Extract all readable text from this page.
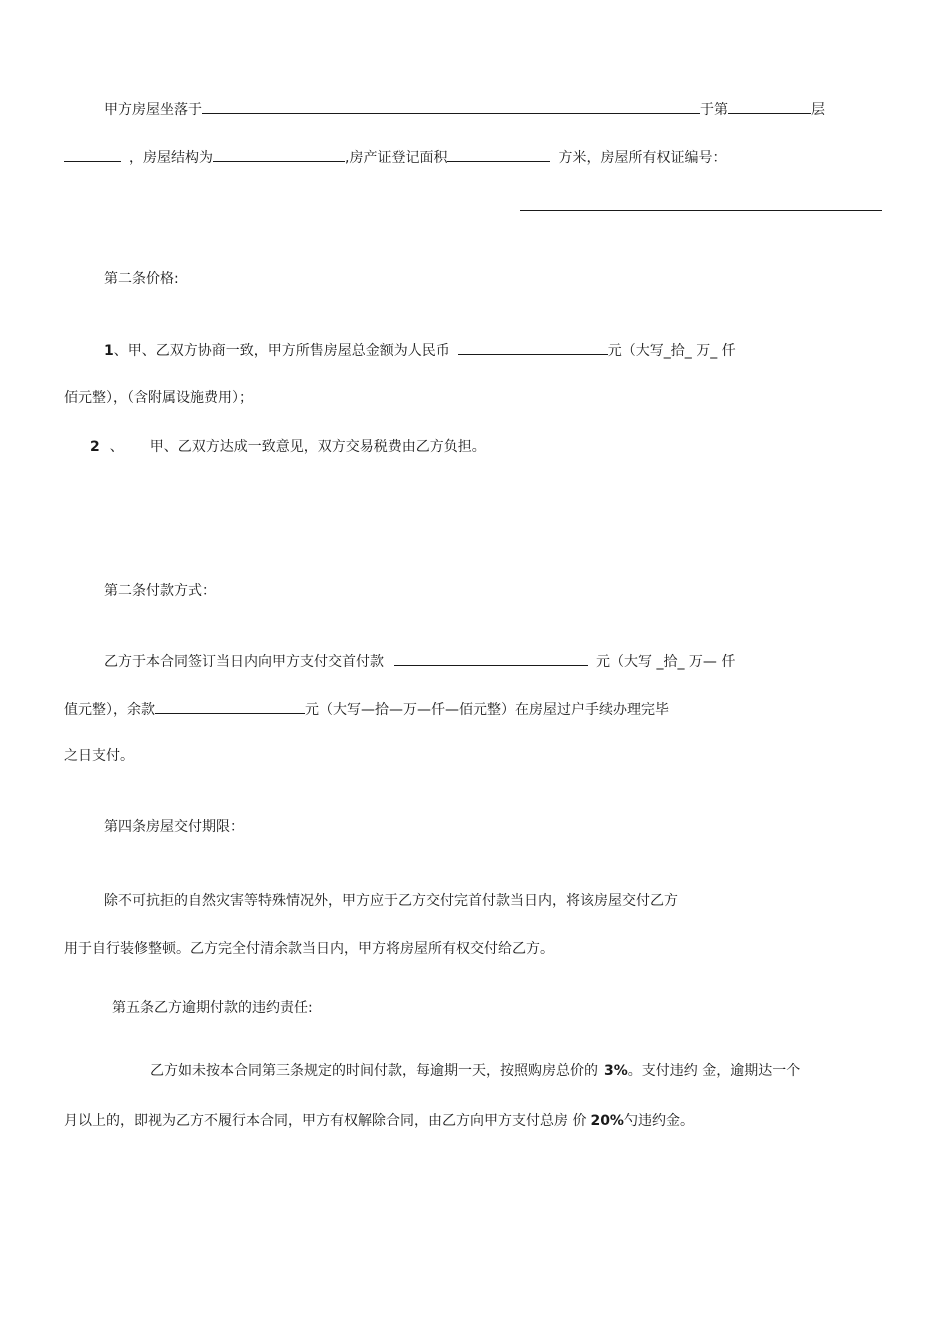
甲方房屋坐落于	于第	层
，房屋结构为	,房产证登记面积	方米，房屋所有权证编号：
第二条价格:
1、甲、乙双方协商一致，甲方所售房屋总金额为人民币	元（大写_拾_ 万_ 仟
佰元整），（含附属设施费用）；
2 、 甲、乙双方达成一致意见，双方交易税费由乙方负担。
第二条付款方式：
乙方于本合同签订当日内向甲方支付交首付款	元（大写 _拾_ 万— 仟
值元整），余款	元（大写—拾—万—仟—佰元整）在房屋过户手续办理完毕
之日支付。
第四条房屋交付期限：
除不可抗拒的自然灾害等特殊情况外，甲方应于乙方交付完首付款当日内，将该房屋交付乙方
用于自行装修整顿。乙方完全付清余款当日内，甲方将房屋所有权交付给乙方。
第五条乙方逾期付款的违约责任:
乙方如未按本合同第三条规定的时间付款，每逾期一天，按照购房总价的 3%。支付违约 金，逾期达一个
月以上的，即视为乙方不履行本合同，甲方有权解除合同，由乙方向甲方支付总房 价 20%勺违约金。
